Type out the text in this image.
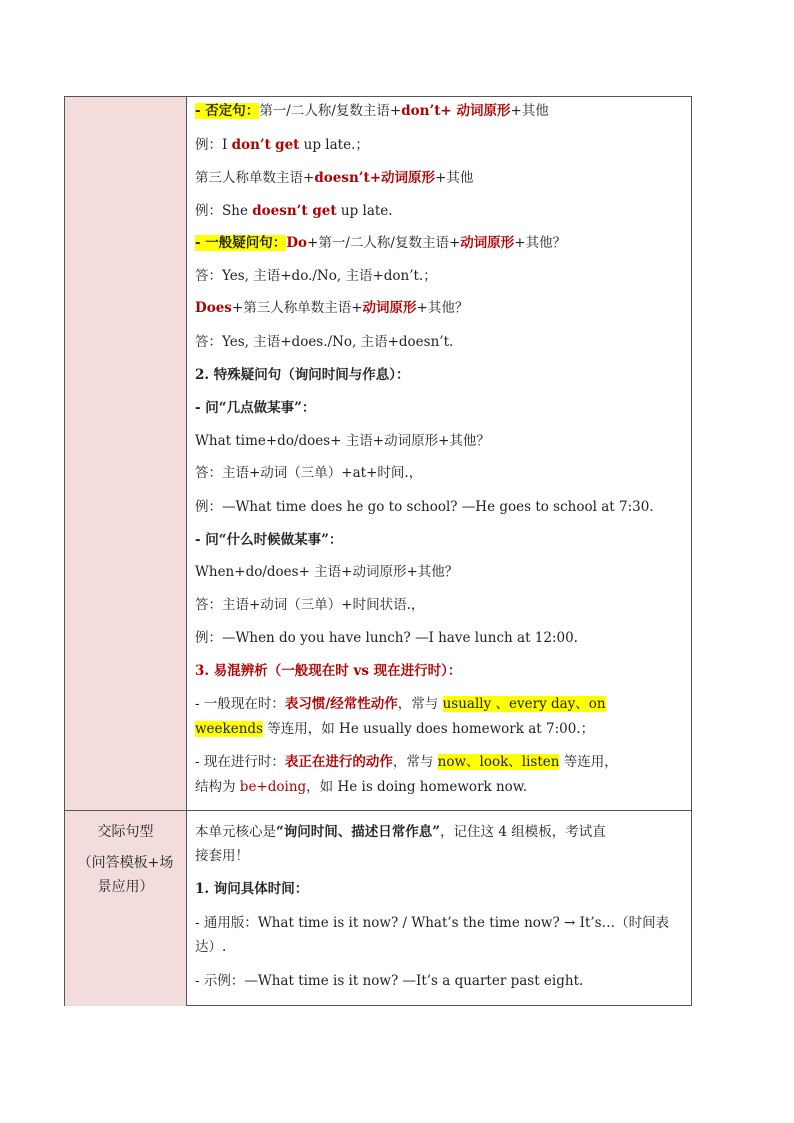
交际句型
（问答模板+场
景应用）
- 否定句：第一/二人称/复数主语+don’t+ 动词原形+其他
例：I don’t get up late.；
第三人称单数主语+doesn’t+动词原形+其他
例：She doesn’t get up late.
- 一般疑问句：Do+第一/二人称/复数主语+动词原形+其他？
答：Yes, 主语+do./No, 主语+don’t.；
Does+第三人称单数主语+动词原形+其他？
答：Yes, 主语+does./No, 主语+doesn’t.
2. 特殊疑问句（询问时间与作息）：
- 问“几点做某事”：
What time+do/does+ 主语+动词原形+其他？
答：主语+动词（三单）+at+时间.，
例：—What time does he go to school? —He goes to school at 7:30.
- 问“什么时候做某事”：
When+do/does+ 主语+动词原形+其他？
答：主语+动词（三单）+时间状语.，
例：—When do you have lunch? —I have lunch at 12:00.
3. 易混辨析（一般现在时 vs 现在进行时）：
- 一般现在时：表习惯/经常性动作，常与 usually 、every day、on
weekends 等连用，如 He usually does homework at 7:00.；
- 现在进行时：表正在进行的动作，常与 now、look、listen 等连用，
结构为 be+doing，如 He is doing homework now.
本单元核心是“询问时间、描述日常作息”，记住这 4 组模板，考试直
接套用！
1. 询问具体时间：
- 通用版：What time is it now? / What’s the time now? → It’s…（时间表
达）.
- 示例：—What time is it now? —It’s a quarter past eight.
